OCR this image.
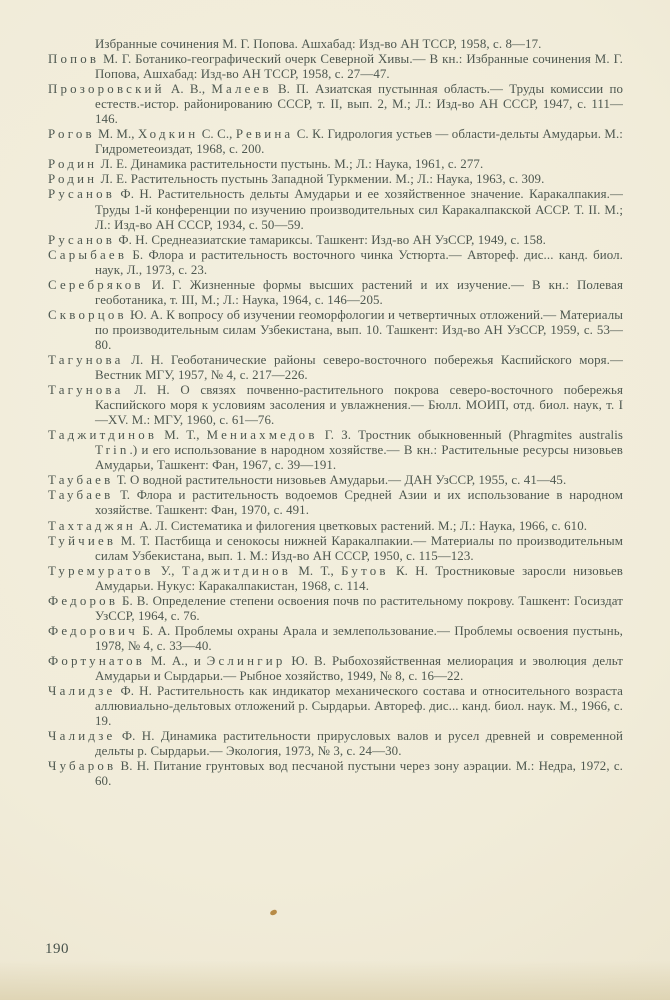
Избранные сочинения М. Г. Попова. Ашхабад: Изд-во АН ТССР, 1958, с. 8—17.

Попов М. Г. Ботанико-географический очерк Северной Хивы.— В кн.: Избранные сочинения М. Г. Попова, Ашхабад: Изд-во АН ТССР, 1958, с. 27—47.

Прозоровский А. В., Малеев В. П. Азиатская пустынная область.— Труды комиссии по естеств.-истор. районированию СССР, т. II, вып. 2, М.; Л.: Изд-во АН СССР, 1947, с. 111—146.

Рогов М. М., Ходкин С. С., Ревина С. К. Гидрология устьев — области-дельты Амударьи. М.: Гидрометеоиздат, 1968, с. 200.

Родин Л. Е. Динамика растительности пустынь. М.; Л.: Наука, 1961, с. 277.

Родин Л. Е. Растительность пустынь Западной Туркмении. М.; Л.: Наука, 1963, с. 309.

Русанов Ф. Н. Растительность дельты Амударьи и ее хозяйственное значение. Каракалпакия.— Труды 1-й конференции по изучению производительных сил Каракалпакской АССР. Т. II. М.; Л.: Изд-во АН СССР, 1934, с. 50—59.

Русанов Ф. Н. Среднеазиатские тамариксы. Ташкент: Изд-во АН УзССР, 1949, с. 158.

Сарыбаев Б. Флора и растительность восточного чинка Устюрта.— Автореф. дис... канд. биол. наук, Л., 1973, с. 23.

Серебряков И. Г. Жизненные формы высших растений и их изучение.— В кн.: Полевая геоботаника, т. III, М.; Л.: Наука, 1964, с. 146—205.

Скворцов Ю. А. К вопросу об изучении геоморфологии и четвертичных отложений.— Материалы по производительным силам Узбекистана, вып. 10. Ташкент: Изд-во АН УзССР, 1959, с. 53—80.

Тагунова Л. Н. Геоботанические районы северо-восточного побережья Каспийского моря.— Вестник МГУ, 1957, № 4, с. 217—226.

Тагунова Л. Н. О связях почвенно-растительного покрова северо-восточного побережья Каспийского моря к условиям засоления и увлажнения.— Бюлл. МОИП, отд. биол. наук, т. I—XV. М.: МГУ, 1960, с. 61—76.

Таджитдинов М. Т., Мениахмедов Г. З. Тростник обыкновенный (Phragmites australis Trin.) и его использование в народном хозяйстве.— В кн.: Растительные ресурсы низовьев Амударьи, Ташкент: Фан, 1967, с. 39—191.

Таубаев Т. О водной растительности низовьев Амударьи.— ДАН УзССР, 1955, с. 41—45.

Таубаев Т. Флора и растительность водоемов Средней Азии и их использование в народном хозяйстве. Ташкент: Фан, 1970, с. 491.

Тахтаджян А. Л. Систематика и филогения цветковых растений. М.; Л.: Наука, 1966, с. 610.

Туйчиев М. Т. Пастбища и сенокосы нижней Каракалпакии.— Материалы по производительным силам Узбекистана, вып. 1. М.: Изд-во АН СССР, 1950, с. 115—123.

Туремуратов У., Таджитдинов М. Т., Бутов К. Н. Тростниковые заросли низовьев Амударьи. Нукус: Каракалпакистан, 1968, с. 114.

Федоров Б. В. Определение степени освоения почв по растительному покрову. Ташкент: Госиздат УзССР, 1964, с. 76.

Федорович Б. А. Проблемы охраны Арала и землепользование.— Проблемы освоения пустынь, 1978, № 4, с. 33—40.

Фортунатов М. А., и Эслингир Ю. В. Рыбохозяйственная мелиорация и эволюция дельт Амударьи и Сырдарьи.— Рыбное хозяйство, 1949, № 8, с. 16—22.

Чалидзе Ф. Н. Растительность как индикатор механического состава и относительного возраста аллювиально-дельтовых отложений р. Сырдарьи. Автореф. дис... канд. биол. наук. М., 1966, с. 19.

Чалидзе Ф. Н. Динамика растительности прирусловых валов и русел древней и современной дельты р. Сырдарьи.— Экология, 1973, № 3, с. 24—30.

Чубаров В. Н. Питание грунтовых вод песчаной пустыни через зону аэрации. М.: Недра, 1972, с. 60.

190
